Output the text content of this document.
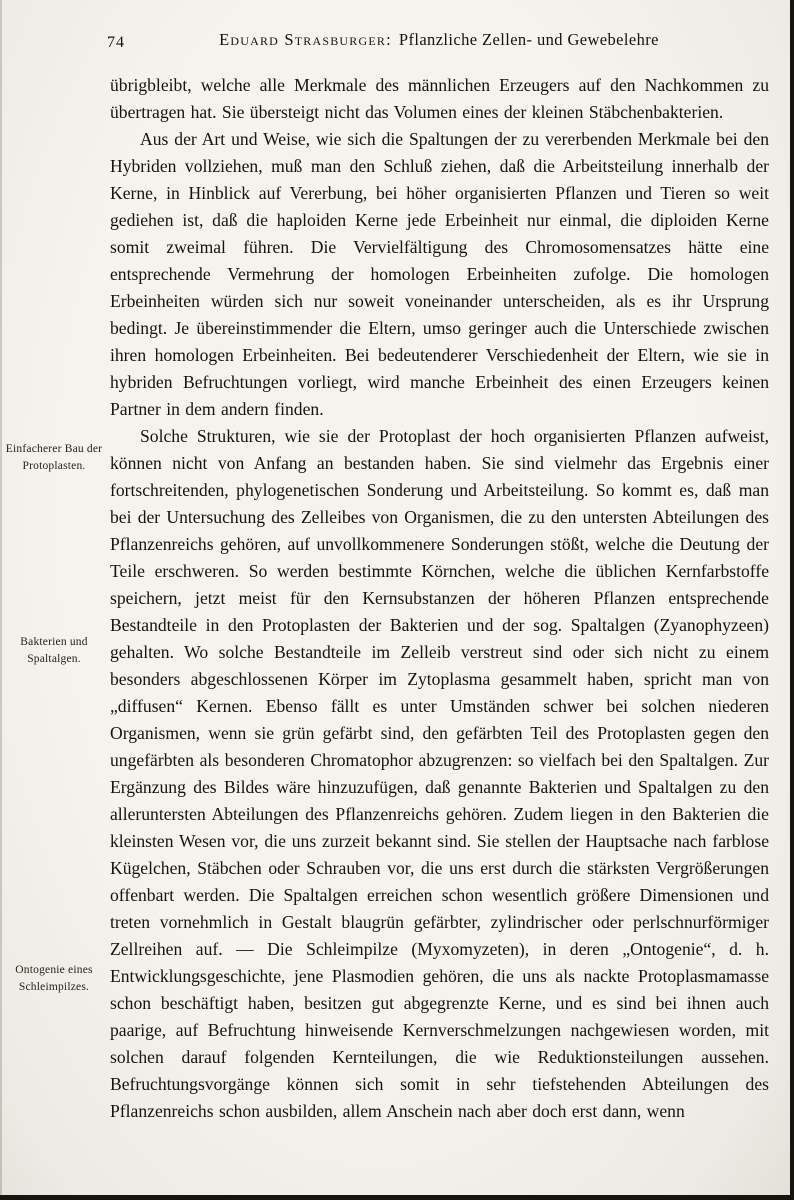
74	Eduard Strasburger: Pflanzliche Zellen- und Gewebelehre
Einfacherer Bau der Protoplasten.
Bakterien und Spaltalgen.
Ontogenie eines Schleimpilzes.

übrigbleibt, welche alle Merkmale des männlichen Erzeugers auf den Nachkommen zu übertragen hat. Sie übersteigt nicht das Volumen eines der kleinen Stäbchenbakterien.

Aus der Art und Weise, wie sich die Spaltungen der zu vererbenden Merkmale bei den Hybriden vollziehen, muß man den Schluß ziehen, daß die Arbeitsteilung innerhalb der Kerne, in Hinblick auf Vererbung, bei höher organisierten Pflanzen und Tieren so weit gediehen ist, daß die haploiden Kerne jede Erbeinheit nur einmal, die diploiden Kerne somit zweimal führen. Die Vervielfältigung des Chromosomensatzes hätte eine entsprechende Vermehrung der homologen Erbeinheiten zufolge. Die homologen Erbeinheiten würden sich nur soweit voneinander unterscheiden, als es ihr Ursprung bedingt. Je übereinstimmender die Eltern, umso geringer auch die Unterschiede zwischen ihren homologen Erbeinheiten. Bei bedeutenderer Verschiedenheit der Eltern, wie sie in hybriden Befruchtungen vorliegt, wird manche Erbeinheit des einen Erzeugers keinen Partner in dem andern finden.

Solche Strukturen, wie sie der Protoplast der hoch organisierten Pflanzen aufweist, können nicht von Anfang an bestanden haben. Sie sind vielmehr das Ergebnis einer fortschreitenden, phylogenetischen Sonderung und Arbeitsteilung. So kommt es, daß man bei der Untersuchung des Zelleibes von Organismen, die zu den untersten Abteilungen des Pflanzenreichs gehören, auf unvollkommenere Sonderungen stößt, welche die Deutung der Teile erschweren. So werden bestimmte Körnchen, welche die üblichen Kernfarbstoffe speichern, jetzt meist für den Kernsubstanzen der höheren Pflanzen entsprechende Bestandteile in den Protoplasten der Bakterien und der sog. Spaltalgen (Zyanophyzeen) gehalten. Wo solche Bestandteile im Zelleib verstreut sind oder sich nicht zu einem besonders abgeschlossenen Körper im Zytoplasma gesammelt haben, spricht man von „diffusen“ Kernen. Ebenso fällt es unter Umständen schwer bei solchen niederen Organismen, wenn sie grün gefärbt sind, den gefärbten Teil des Protoplasten gegen den ungefärbten als besonderen Chromatophor abzugrenzen: so vielfach bei den Spaltalgen. Zur Ergänzung des Bildes wäre hinzuzufügen, daß genannte Bakterien und Spaltalgen zu den alleruntersten Abteilungen des Pflanzenreichs gehören. Zudem liegen in den Bakterien die kleinsten Wesen vor, die uns zurzeit bekannt sind. Sie stellen der Hauptsache nach farblose Kügelchen, Stäbchen oder Schrauben vor, die uns erst durch die stärksten Vergrößerungen offenbart werden. Die Spaltalgen erreichen schon wesentlich größere Dimensionen und treten vornehmlich in Gestalt blaugrün gefärbter, zylindrischer oder perlschnurförmiger Zellreihen auf. — Die Schleimpilze (Myxomyzeten), in deren „Ontogenie“, d. h. Entwicklungsgeschichte, jene Plasmodien gehören, die uns als nackte Protoplasmamasse schon beschäftigt haben, besitzen gut abgegrenzte Kerne, und es sind bei ihnen auch paarige, auf Befruchtung hinweisende Kernverschmelzungen nachgewiesen worden, mit solchen darauf folgenden Kernteilungen, die wie Reduktionsteilungen aussehen. Befruchtungsvorgänge können sich somit in sehr tiefstehenden Abteilungen des Pflanzenreichs schon ausbilden, allem Anschein nach aber doch erst dann, wenn
